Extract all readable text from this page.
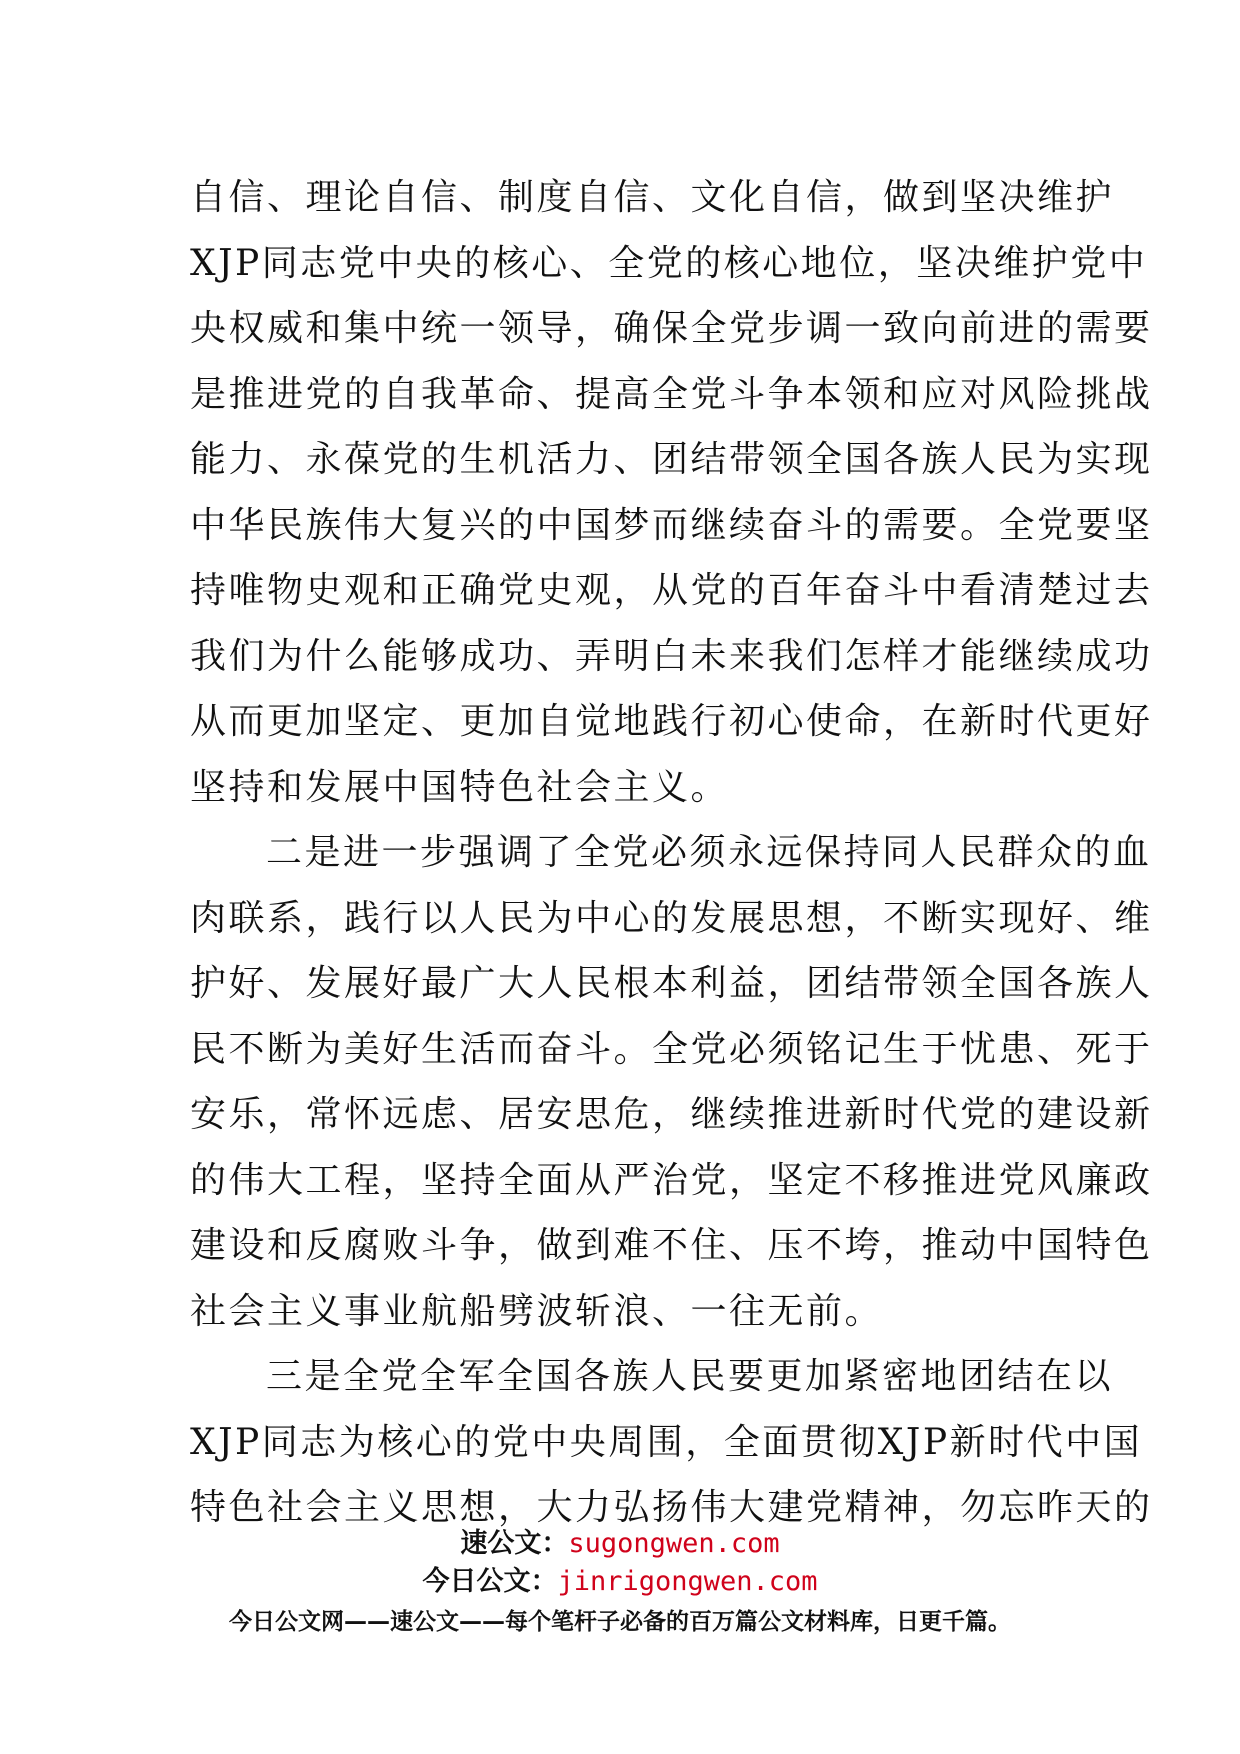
自信、理论自信、制度自信、文化自信，做到坚决维护
XJP同志党中央的核心、全党的核心地位，坚决维护党中
央权威和集中统一领导，确保全党步调一致向前进的需要
是推进党的自我革命、提高全党斗争本领和应对风险挑战
能力、永葆党的生机活力、团结带领全国各族人民为实现
中华民族伟大复兴的中国梦而继续奋斗的需要。全党要坚
持唯物史观和正确党史观，从党的百年奋斗中看清楚过去
我们为什么能够成功、弄明白未来我们怎样才能继续成功
从而更加坚定、更加自觉地践行初心使命，在新时代更好
坚持和发展中国特色社会主义。
二是进一步强调了全党必须永远保持同人民群众的血
肉联系，践行以人民为中心的发展思想，不断实现好、维
护好、发展好最广大人民根本利益，团结带领全国各族人
民不断为美好生活而奋斗。全党必须铭记生于忧患、死于
安乐，常怀远虑、居安思危，继续推进新时代党的建设新
的伟大工程，坚持全面从严治党，坚定不移推进党风廉政
建设和反腐败斗争，做到难不住、压不垮，推动中国特色
社会主义事业航船劈波斩浪、一往无前。
三是全党全军全国各族人民要更加紧密地团结在以
XJP同志为核心的党中央周围，全面贯彻XJP新时代中国
特色社会主义思想，大力弘扬伟大建党精神，勿忘昨天的
速公文：sugongwen.com
今日公文：jinrigongwen.com
今日公文网——速公文——每个笔杆子必备的百万篇公文材料库，日更千篇。
